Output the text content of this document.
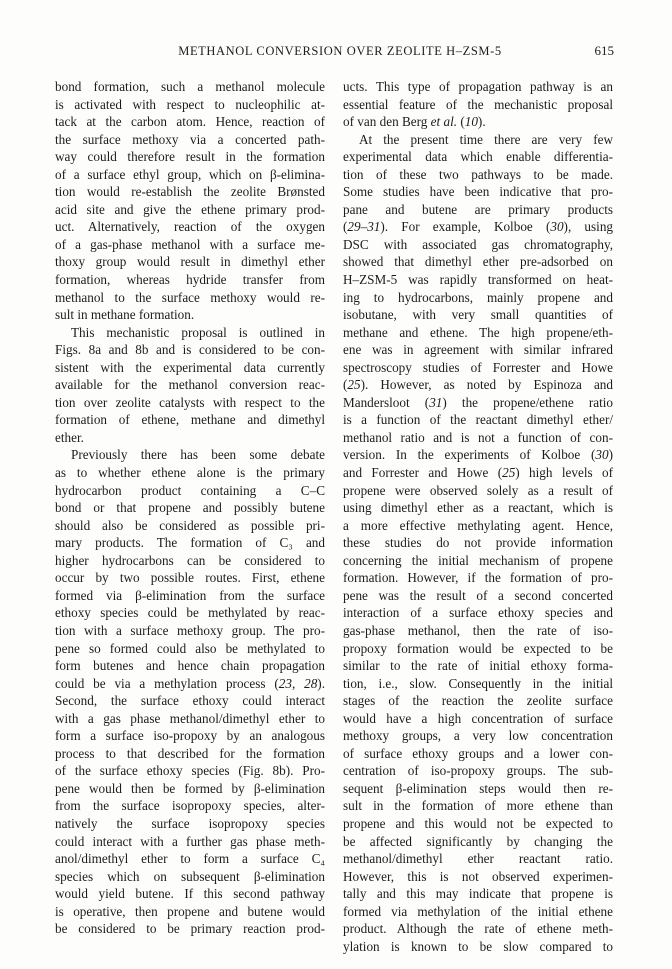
METHANOL CONVERSION OVER ZEOLITE H–ZSM-5	615
bond formation, such a methanol molecule
is activated with respect to nucleophilic at-
tack at the carbon atom. Hence, reaction of
the surface methoxy via a concerted path-
way could therefore result in the formation
of a surface ethyl group, which on β-elimina-
tion would re-establish the zeolite Brønsted
acid site and give the ethene primary prod-
uct. Alternatively, reaction of the oxygen
of a gas-phase methanol with a surface me-
thoxy group would result in dimethyl ether
formation, whereas hydride transfer from
methanol to the surface methoxy would re-
sult in methane formation.
This mechanistic proposal is outlined in
Figs. 8a and 8b and is considered to be con-
sistent with the experimental data currently
available for the methanol conversion reac-
tion over zeolite catalysts with respect to the
formation of ethene, methane and dimethyl
ether.
Previously there has been some debate
as to whether ethene alone is the primary
hydrocarbon product containing a C–C
bond or that propene and possibly butene
should also be considered as possible pri-
mary products. The formation of C₃ and
higher hydrocarbons can be considered to
occur by two possible routes. First, ethene
formed via β-elimination from the surface
ethoxy species could be methylated by reac-
tion with a surface methoxy group. The pro-
pene so formed could also be methylated to
form butenes and hence chain propagation
could be via a methylation process (23, 28).
Second, the surface ethoxy could interact
with a gas phase methanol/dimethyl ether to
form a surface iso-propoxy by an analogous
process to that described for the formation
of the surface ethoxy species (Fig. 8b). Pro-
pene would then be formed by β-elimination
from the surface isopropoxy species, alter-
natively the surface isopropoxy species
could interact with a further gas phase meth-
anol/dimethyl ether to form a surface C₄
species which on subsequent β-elimination
would yield butene. If this second pathway
is operative, then propene and butene would
be considered to be primary reaction prod-
ucts. This type of propagation pathway is an
essential feature of the mechanistic proposal
of van den Berg et al. (10).
At the present time there are very few
experimental data which enable differentia-
tion of these two pathways to be made.
Some studies have been indicative that pro-
pane and butene are primary products
(29–31). For example, Kolboe (30), using
DSC with associated gas chromatography,
showed that dimethyl ether pre-adsorbed on
H–ZSM-5 was rapidly transformed on heat-
ing to hydrocarbons, mainly propene and
isobutane, with very small quantities of
methane and ethene. The high propene/eth-
ene was in agreement with similar infrared
spectroscopy studies of Forrester and Howe
(25). However, as noted by Espinoza and
Mandersloot (31) the propene/ethene ratio
is a function of the reactant dimethyl ether/
methanol ratio and is not a function of con-
version. In the experiments of Kolboe (30)
and Forrester and Howe (25) high levels of
propene were observed solely as a result of
using dimethyl ether as a reactant, which is
a more effective methylating agent. Hence,
these studies do not provide information
concerning the initial mechanism of propene
formation. However, if the formation of pro-
pene was the result of a second concerted
interaction of a surface ethoxy species and
gas-phase methanol, then the rate of iso-
propoxy formation would be expected to be
similar to the rate of initial ethoxy forma-
tion, i.e., slow. Consequently in the initial
stages of the reaction the zeolite surface
would have a high concentration of surface
methoxy groups, a very low concentration
of surface ethoxy groups and a lower con-
centration of iso-propoxy groups. The sub-
sequent β-elimination steps would then re-
sult in the formation of more ethene than
propene and this would not be expected to
be affected significantly by changing the
methanol/dimethyl ether reactant ratio.
However, this is not observed experimen-
tally and this may indicate that propene is
formed via methylation of the initial ethene
product. Although the rate of ethene meth-
ylation is known to be slow compared to
